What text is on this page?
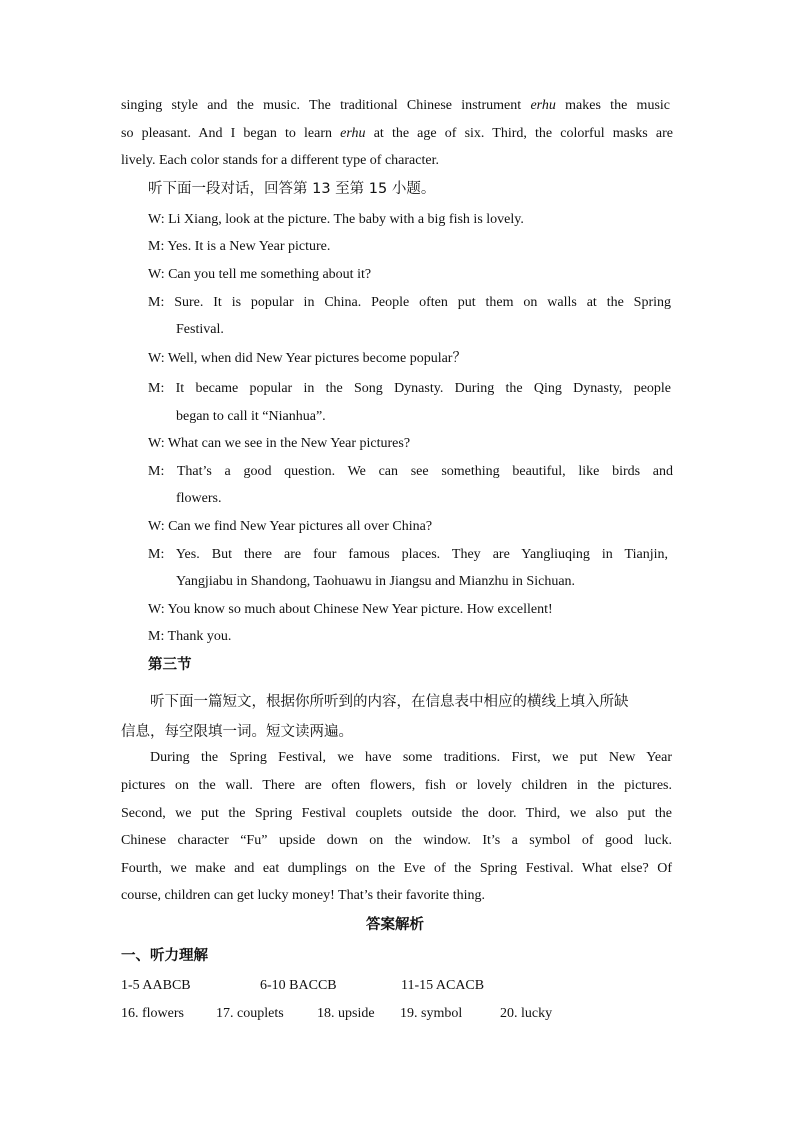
singing style and the music. The traditional Chinese instrument erhu makes the music
so pleasant. And I began to learn erhu at the age of six. Third, the colorful masks are
lively. Each color stands for a different type of character.
听下面一段对话，回答第 13 至第 15 小题。
W: Li Xiang, look at the picture. The baby with a big fish is lovely.
M: Yes. It is a New Year picture.
W: Can you tell me something about it?
M: Sure. It is popular in China. People often put them on walls at the Spring
Festival.
W: Well, when did New Year pictures become popular？
M: It became popular in the Song Dynasty. During the Qing Dynasty, people
began to call it “Nianhua”.
W: What can we see in the New Year pictures?
M: That’s a good question. We can see something beautiful, like birds and
flowers.
W: Can we find New Year pictures all over China?
M: Yes. But there are four famous places. They are Yangliuqing in Tianjin,
Yangjiabu in Shandong, Taohuawu in Jiangsu and Mianzhu in Sichuan.
W: You know so much about Chinese New Year picture. How excellent!
M: Thank you.
第三节
听下面一篇短文，根据你所听到的内容，在信息表中相应的横线上填入所缺
信息，每空限填一词。短文读两遍。
During the Spring Festival, we have some traditions. First, we put New Year
pictures on the wall. There are often flowers, fish or lovely children in the pictures.
Second, we put the Spring Festival couplets outside the door. Third, we also put the
Chinese character “Fu” upside down on the window. It’s a symbol of good luck.
Fourth, we make and eat dumplings on the Eve of the Spring Festival. What else? Of
course, children can get lucky money! That’s their favorite thing.
答案解析
一、听力理解
1-5 AABCB	6-10 BACCB	11-15 ACACB
16. flowers 17. couplets 18. upside 19. symbol	20. lucky
